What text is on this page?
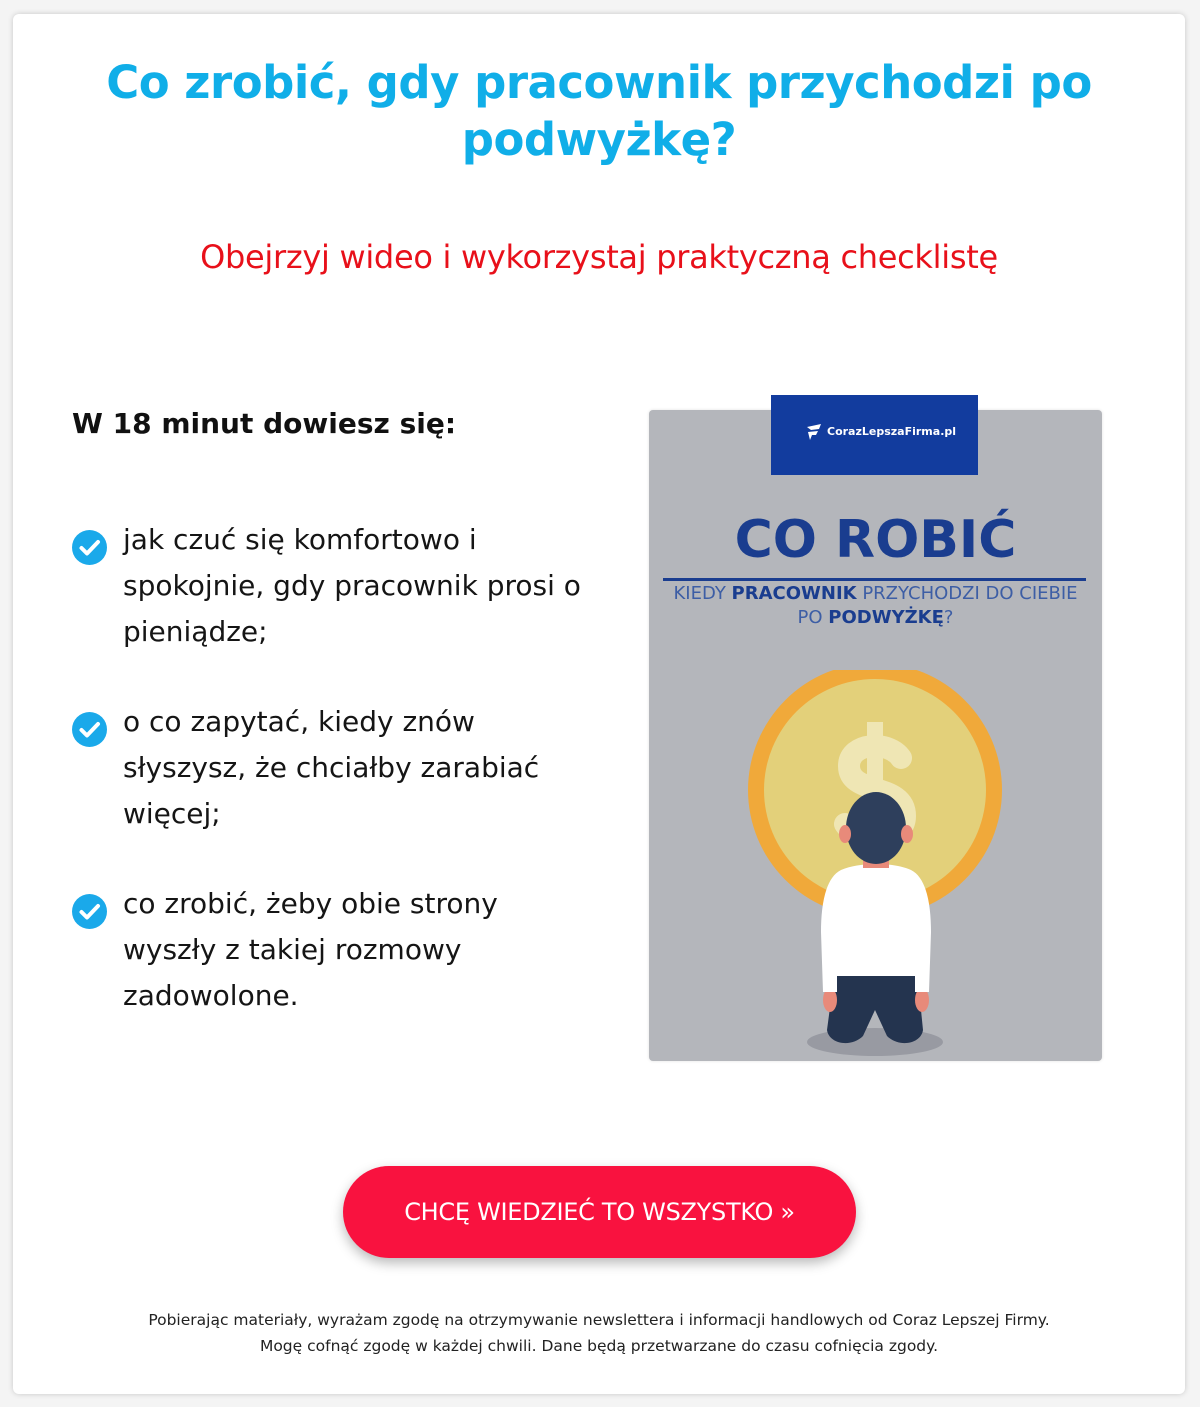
Co zrobić, gdy pracownik przychodzi po podwyżkę?

Obejrzyj wideo i wykorzystaj praktyczną checklistę

W 18 minut dowiesz się:
jak czuć się komfortowo i spokojnie, gdy pracownik prosi o pieniądze;
o co zapytać, kiedy znów słyszysz, że chciałby zarabiać więcej;
co zrobić, żeby obie strony wyszły z takiej rozmowy zadowolone.
CO ROBIĆ
KIEDY PRACOWNIK PRZYCHODZI DO CIEBIE
PO PODWYŻKĘ?
CorazLepszaFirma.pl
CHCĘ WIEDZIEĆ TO WSZYSTKO »

Pobierając materiały, wyrażam zgodę na otrzymywanie newslettera i informacji handlowych od Coraz Lepszej Firmy.
Mogę cofnąć zgodę w każdej chwili. Dane będą przetwarzane do czasu cofnięcia zgody.
